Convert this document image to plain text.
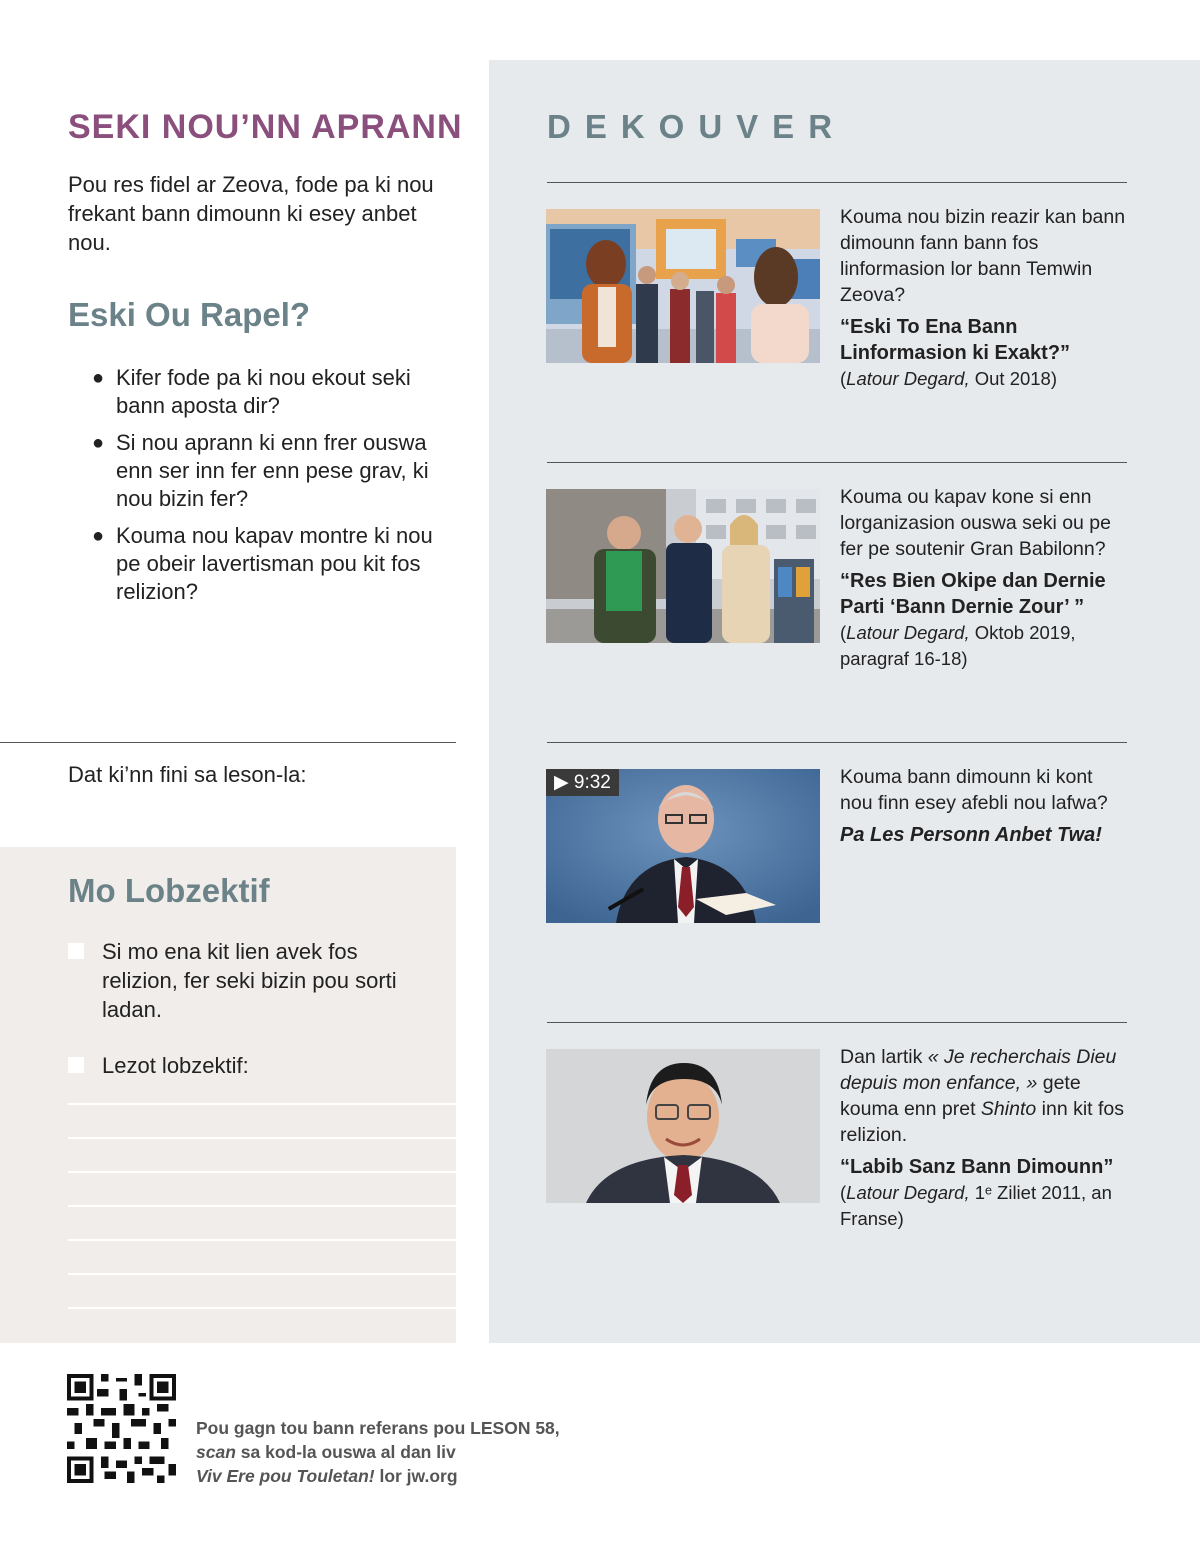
SEKI NOU’NN APRANN

Pou res fidel ar Zeova, fode pa ki nou frekant bann dimounn ki esey anbet nou.

Eski Ou Rapel?
● Kifer fode pa ki nou ekout seki bann aposta dir?
● Si nou aprann ki enn frer ouswa enn ser inn fer enn pese grav, ki nou bizin fer?
● Kouma nou kapav montre ki nou pe obeir lavertisman pou kit fos relizion?
Dat ki’nn fini sa leson-la:
Mo Lobzektif
Si mo ena kit lien avek fos relizion, fer seki bizin pou sorti ladan.
Lezot lobzektif:
DEKOUVER
Kouma nou bizin reazir kan bann dimounn fann bann fos linformasion lor bann Temwin Zeova?
“Eski To Ena Bann Linformasion ki Exakt?”
(Latour Degard, Out 2018)
Kouma ou kapav kone si enn lorganizasion ouswa seki ou pe fer pe soutenir Gran Babilonn?
“Res Bien Okipe dan Dernie Parti ‘Bann Dernie Zour’ ”
(Latour Degard, Oktob 2019, paragraf 16-18)
▶ 9:32	Kouma bann dimounn ki kont nou finn esey afebli nou lafwa?
Pa Les Personn Anbet Twa!
Dan lartik « Je recherchais Dieu depuis mon enfance, » gete kouma enn pret Shinto inn kit fos relizion.
“Labib Sanz Bann Dimounn”
(Latour Degard, 1ᵉ Ziliet 2011, an Franse)
Pou gagn tou bann referans pou LESON 58,
scan sa kod-la ouswa al dan liv
Viv Ere pou Touletan! lor jw.org
